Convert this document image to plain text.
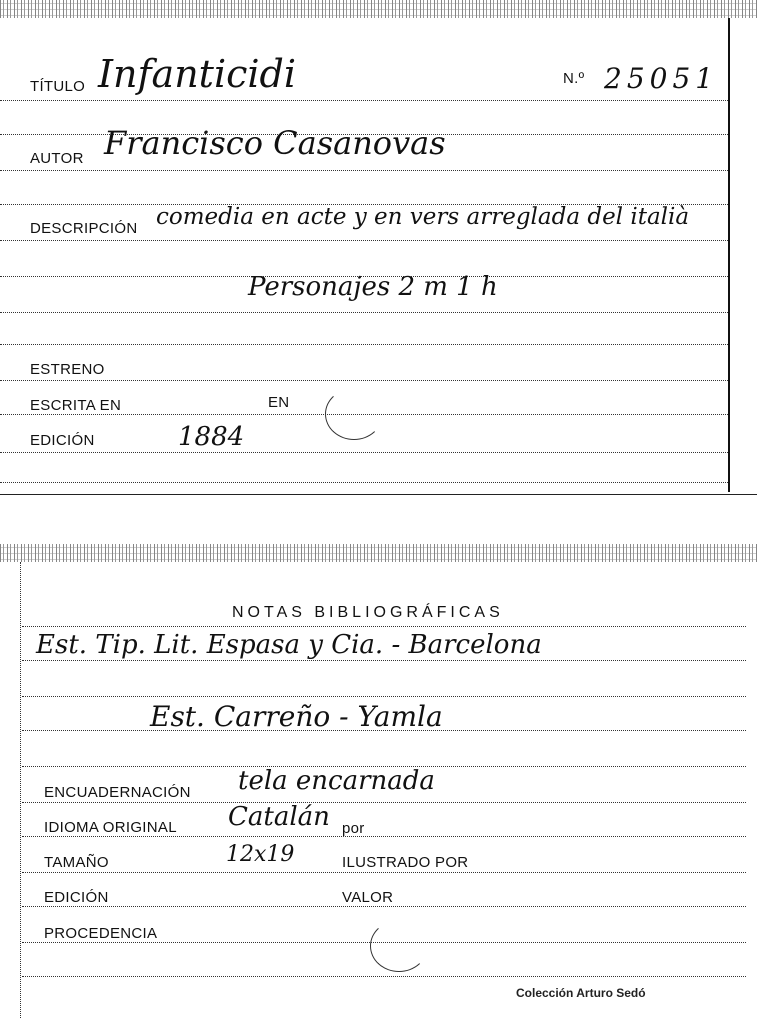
TÍTULO Infanticidi	N.º 25051
AUTOR Francisco Casanovas
DESCRIPCIÓN comedia en acte y en vers arreglada del italià
Personajes 2 m 1 h
ESTRENO
ESCRITA EN	EN
EDICIÓN	1884
NOTAS BIBLIOGRÁFICAS
Est. Tip. Lit. Espasa y Cia. - Barcelona
Est. Carreño - Yamla
ENCUADERNACIÓN tela encarnada
IDIOMA ORIGINAL Catalán por
TAMAÑO	12x19	ILUSTRADO POR
EDICIÓN	VALOR
PROCEDENCIA
Colección Arturo Sedó
